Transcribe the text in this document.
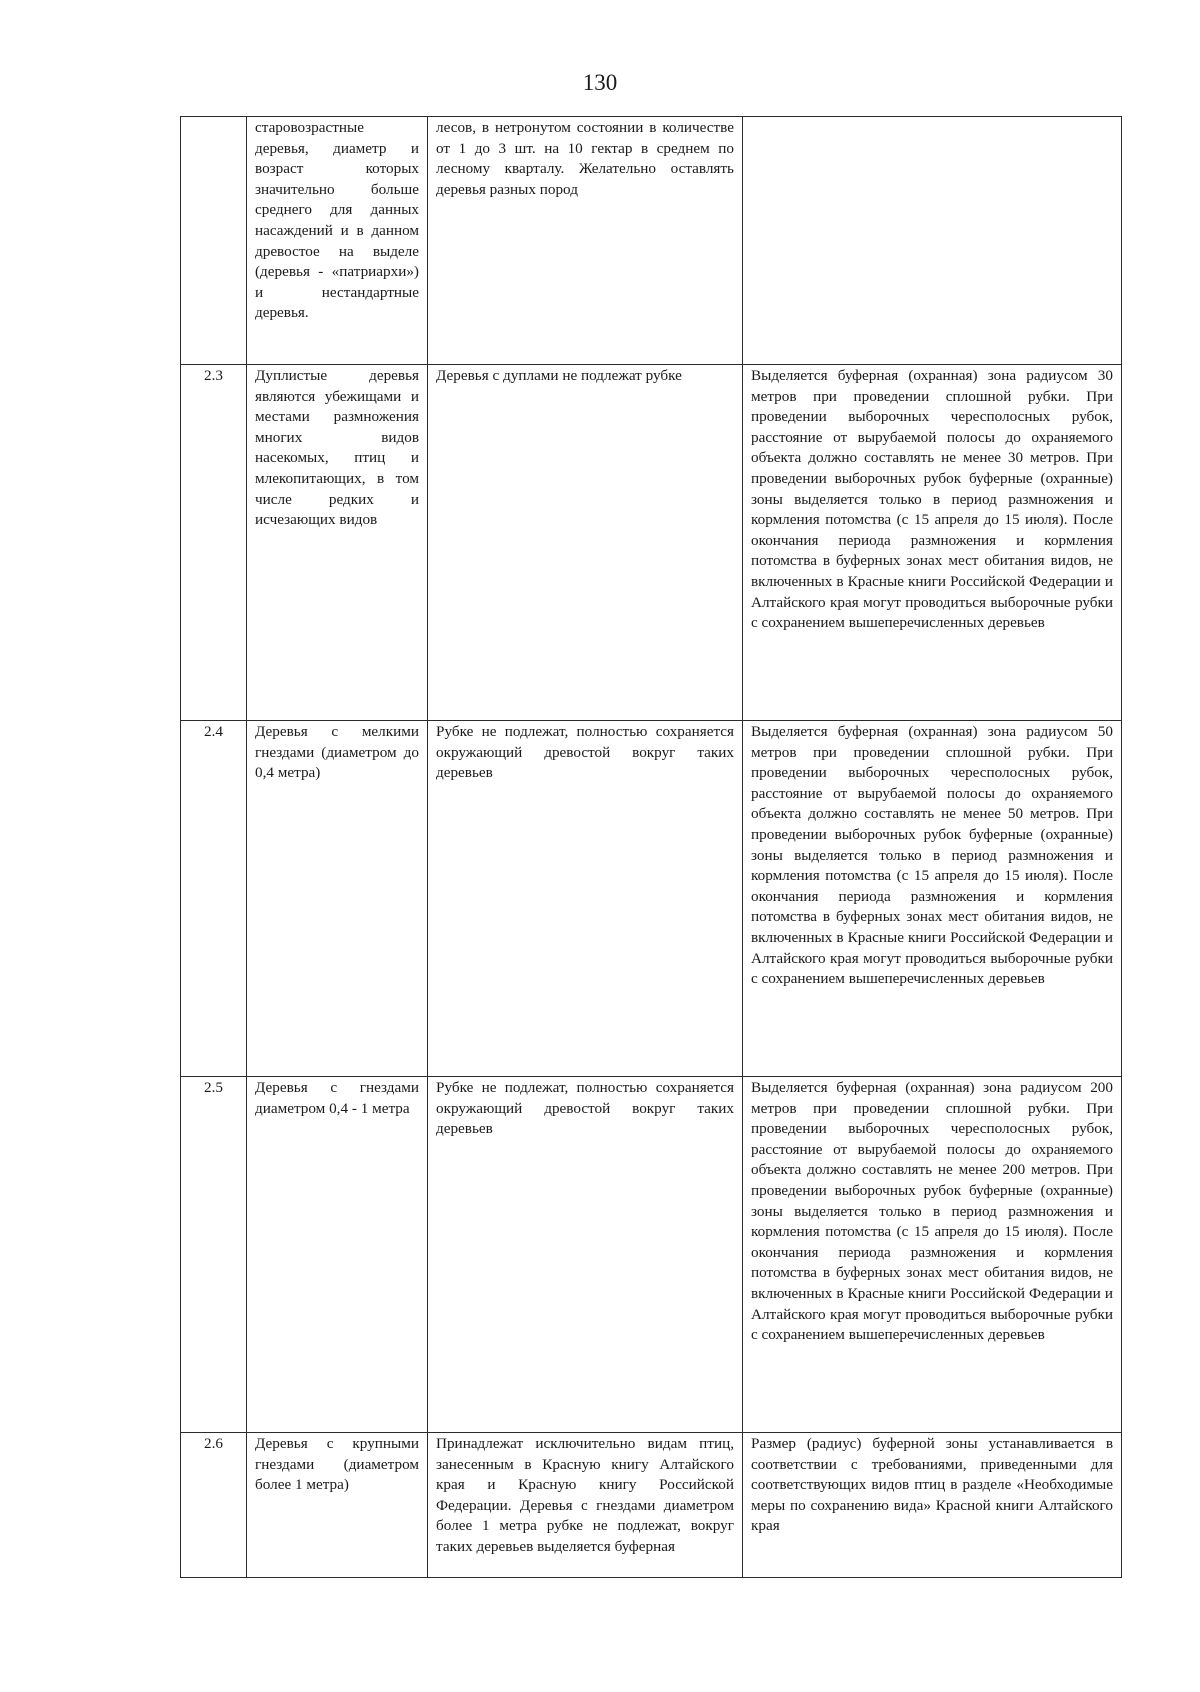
130
	старовозрастные деревья, диаметр и возраст которых значительно больше среднего для данных насаждений и в данном древостое на выделе (деревья - «патриархи») и нестандартные деревья.	лесов, в нетронутом состоянии в количестве от 1 до 3 шт. на 10 гектар в среднем по лесному кварталу. Желательно оставлять деревья разных пород	
2.3	Дуплистые деревья являются убежищами и местами размножения многих видов насекомых, птиц и млекопитающих, в том числе редких и исчезающих видов	Деревья с дуплами не подлежат рубке	Выделяется буферная (охранная) зона радиусом 30 метров при проведении сплошной рубки. При проведении выборочных чересполосных рубок, расстояние от вырубаемой полосы до охраняемого объекта должно составлять не менее 30 метров. При проведении выборочных рубок буферные (охранные) зоны выделяется только в период размножения и кормления потомства (с 15 апреля до 15 июля). После окончания периода размножения и кормления потомства в буферных зонах мест обитания видов, не включенных в Красные книги Российской Федерации и Алтайского края могут проводиться выборочные рубки с сохранением вышеперечисленных деревьев
2.4	Деревья с мелкими гнездами (диаметром до 0,4 метра)	Рубке не подлежат, полностью сохраняется окружающий древостой вокруг таких деревьев	Выделяется буферная (охранная) зона радиусом 50 метров при проведении сплошной рубки. При проведении выборочных чересполосных рубок, расстояние от вырубаемой полосы до охраняемого объекта должно составлять не менее 50 метров. При проведении выборочных рубок буферные (охранные) зоны выделяется только в период размножения и кормления потомства (с 15 апреля до 15 июля). После окончания периода размножения и кормления потомства в буферных зонах мест обитания видов, не включенных в Красные книги Российской Федерации и Алтайского края могут проводиться выборочные рубки с сохранением вышеперечисленных деревьев
2.5	Деревья с гнездами диаметром 0,4 - 1 метра	Рубке не подлежат, полностью сохраняется окружающий древостой вокруг таких деревьев	Выделяется буферная (охранная) зона радиусом 200 метров при проведении сплошной рубки. При проведении выборочных чересполосных рубок, расстояние от вырубаемой полосы до охраняемого объекта должно составлять не менее 200 метров. При проведении выборочных рубок буферные (охранные) зоны выделяется только в период размножения и кормления потомства (с 15 апреля до 15 июля). После окончания периода размножения и кормления потомства в буферных зонах мест обитания видов, не включенных в Красные книги Российской Федерации и Алтайского края могут проводиться выборочные рубки с сохранением вышеперечисленных деревьев
2.6	Деревья с крупными гнездами (диаметром более 1 метра)	Принадлежат исключительно видам птиц, занесенным в Красную книгу Алтайского края и Красную книгу Российской Федерации. Деревья с гнездами диаметром более 1 метра рубке не подлежат, вокруг таких деревьев выделяется буферная	Размер (радиус) буферной зоны устанавливается в соответствии с требованиями, приведенными для соответствующих видов птиц в разделе «Необходимые меры по сохранению вида» Красной книги Алтайского края
